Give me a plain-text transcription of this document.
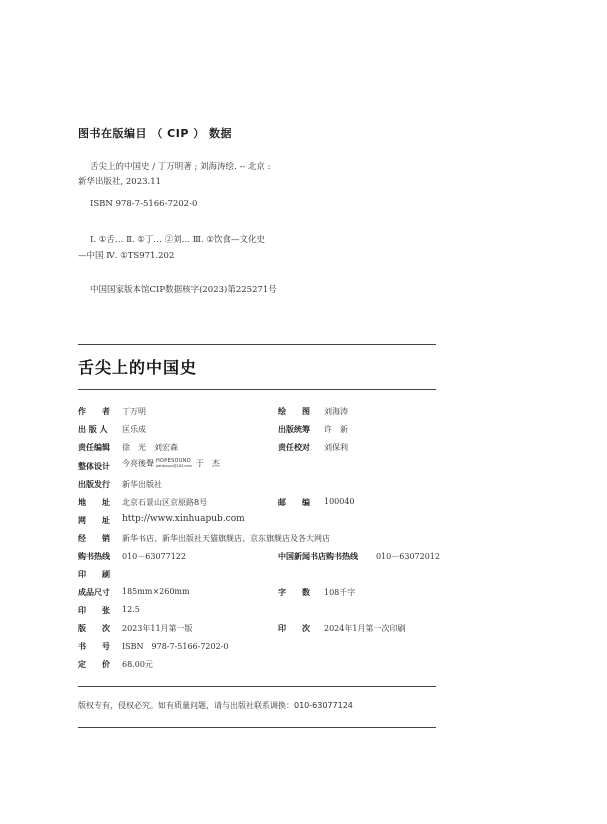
图书在版编目 （ CIP ） 数据
舌尖上的中国史 / 丁万明著 ; 刘海涛绘. -- 北京 :
新华出版社, 2023.11
ISBN 978-7-5166-7202-0
Ⅰ. ①舌… Ⅱ. ①丁… ②刘… Ⅲ. ①饮食—文化史
—中国 Ⅳ. ①TS971.202
中国国家版本馆CIP数据核字(2023)第225271号
舌尖上的中国史
作　　者 丁万明
出 版 人 匡乐成
责任编辑 徐　光　刘宏森
整体设计 今亮後聲 HOPESOUND
pankouyu@163.com 于　杰
出版发行 新华出版社
地　　址 北京石景山区京原路8号
网　　址 http://www.xinhuapub.com
经　　销 新华书店、新华出版社天猫旗舰店、京东旗舰店及各大网店
购书热线 010－63077122
印　　刷
成品尺寸 185mm×260mm
印　　张 12.5
版　　次 2023年11月第一版
书　　号 ISBN　978-7-5166-7202-0
定　　价 68.00元
绘　　图 刘海涛
出版统筹 许　新
责任校对 刘保利
邮　　编 100040
中国新闻书店购书热线 010－63072012
字　　数 108千字
印　　次 2024年1月第一次印刷
版权专有，侵权必究。如有质量问题，请与出版社联系调换：010-63077124
